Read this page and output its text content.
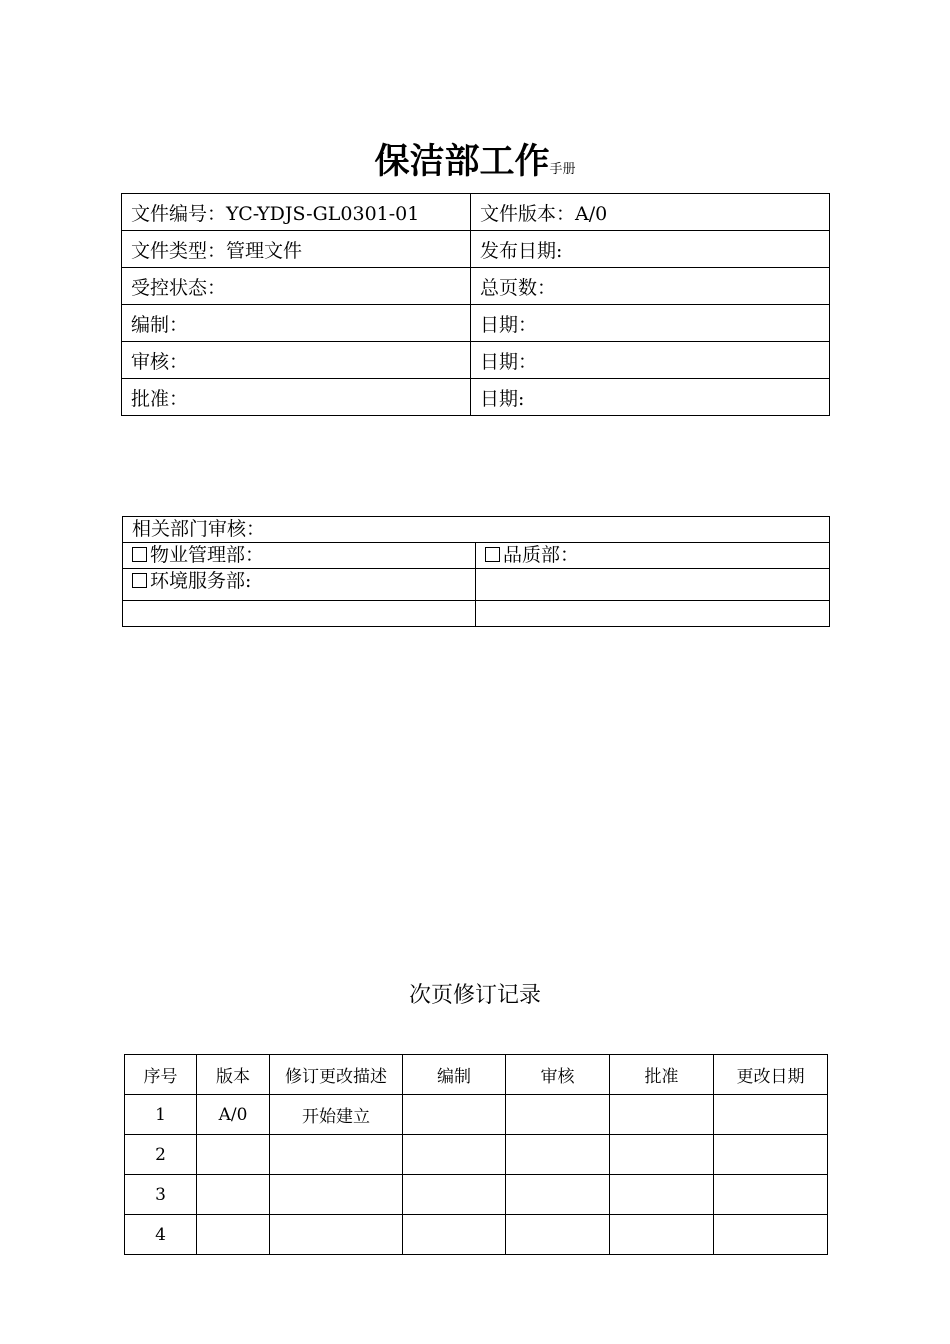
保洁部工作手册
文件编号：YC-YDJS-GL0301-01	文件版本：A/0
文件类型：管理文件	发布日期:
受控状态：	总页数：
编制：	日期：
审核：	日期：
批准：	日期:
相关部门审核：	
物业管理部：	品质部：
环境服务部:	

次页修订记录
序号	版本	修订更改描述	编制	审核	批准	更改日期
1	A/0	开始建立				
2						
3						
4						
